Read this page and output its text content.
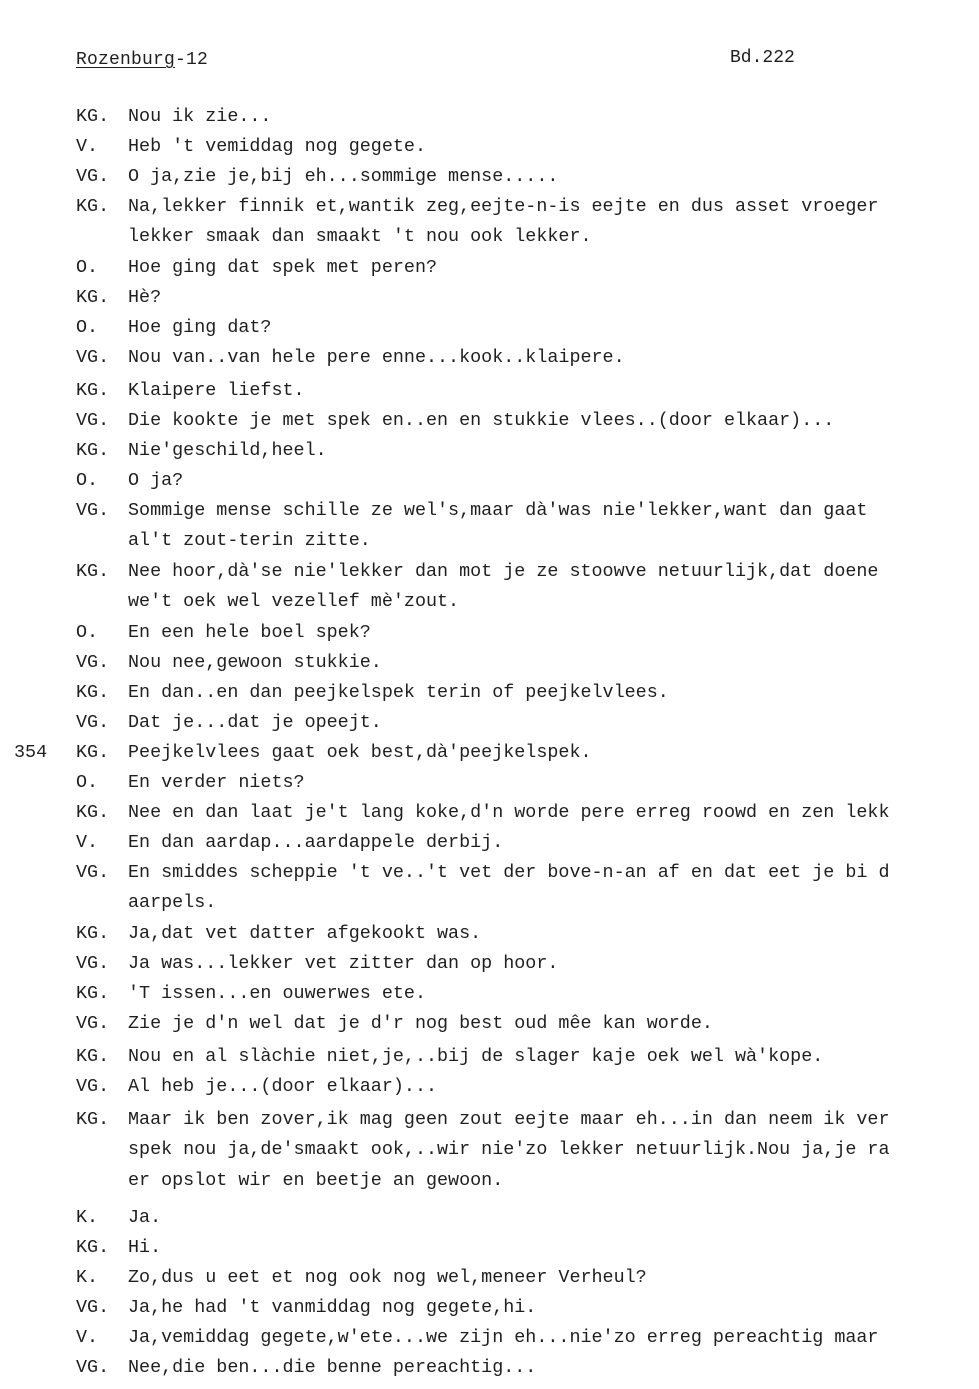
Rozenburg-12	Bd.222
KG. Nou ik zie...
V. Heb 't vemiddag nog gegete.
VG. O ja,zie je,bij eh...sommige mense.....
KG. Na,lekker finnik et,wantik zeg,eejte-n-is eejte en dus asset vroeger
lekker smaak dan smaakt 't nou ook lekker.
O. Hoe ging dat spek met peren?
KG. Hè?
O. Hoe ging dat?
VG. Nou van..van hele pere enne...kook..klaipere.
KG. Klaipere liefst.
VG. Die kookte je met spek en..en en stukkie vlees..(door elkaar)...
KG. Nie'geschild,heel.
O. O ja?
VG. Sommige mense schille ze wel's,maar dà'was nie'lekker,want dan gaat
al't zout-terin zitte.
KG. Nee hoor,dà'se nie'lekker dan mot je ze stoowve netuurlijk,dat doene
we't oek wel vezellef mè'zout.
O. En een hele boel spek?
VG. Nou nee,gewoon stukkie.
KG. En dan..en dan peejkelspek terin of peejkelvlees.
VG. Dat je...dat je opeejt.
354 KG. Peejkelvlees gaat oek best,dà'peejkelspek.
O. En verder niets?
KG. Nee en dan laat je't lang koke,d'n worde pere erreg roowd en zen lekk
V. En dan aardap...aardappele derbij.
VG. En smiddes scheppie 't ve..'t vet der bove-n-an af en dat eet je bi d
aarpels.
KG. Ja,dat vet datter afgekookt was.
VG. Ja was...lekker vet zitter dan op hoor.
KG. 'T issen...en ouwerwes ete.
VG. Zie je d'n wel dat je d'r nog best oud mêe kan worde.
KG. Nou en al slàchie niet,je,..bij de slager kaje oek wel wà'kope.
VG. Al heb je...(door elkaar)...
KG. Maar ik ben zover,ik mag geen zout eejte maar eh...in dan neem ik ver
spek nou ja,de'smaakt ook,..wir nie'zo lekker netuurlijk.Nou ja,je ra
er opslot wir en beetje an gewoon.
K. Ja.
KG. Hi.
K. Zo,dus u eet et nog ook nog wel,meneer Verheul?
VG. Ja,he had 't vanmiddag nog gegete,hi.
V. Ja,vemiddag gegete,w'ete...we zijn eh...nie'zo erreg pereachtig maar
VG. Nee,die ben...die benne pereachtig...
